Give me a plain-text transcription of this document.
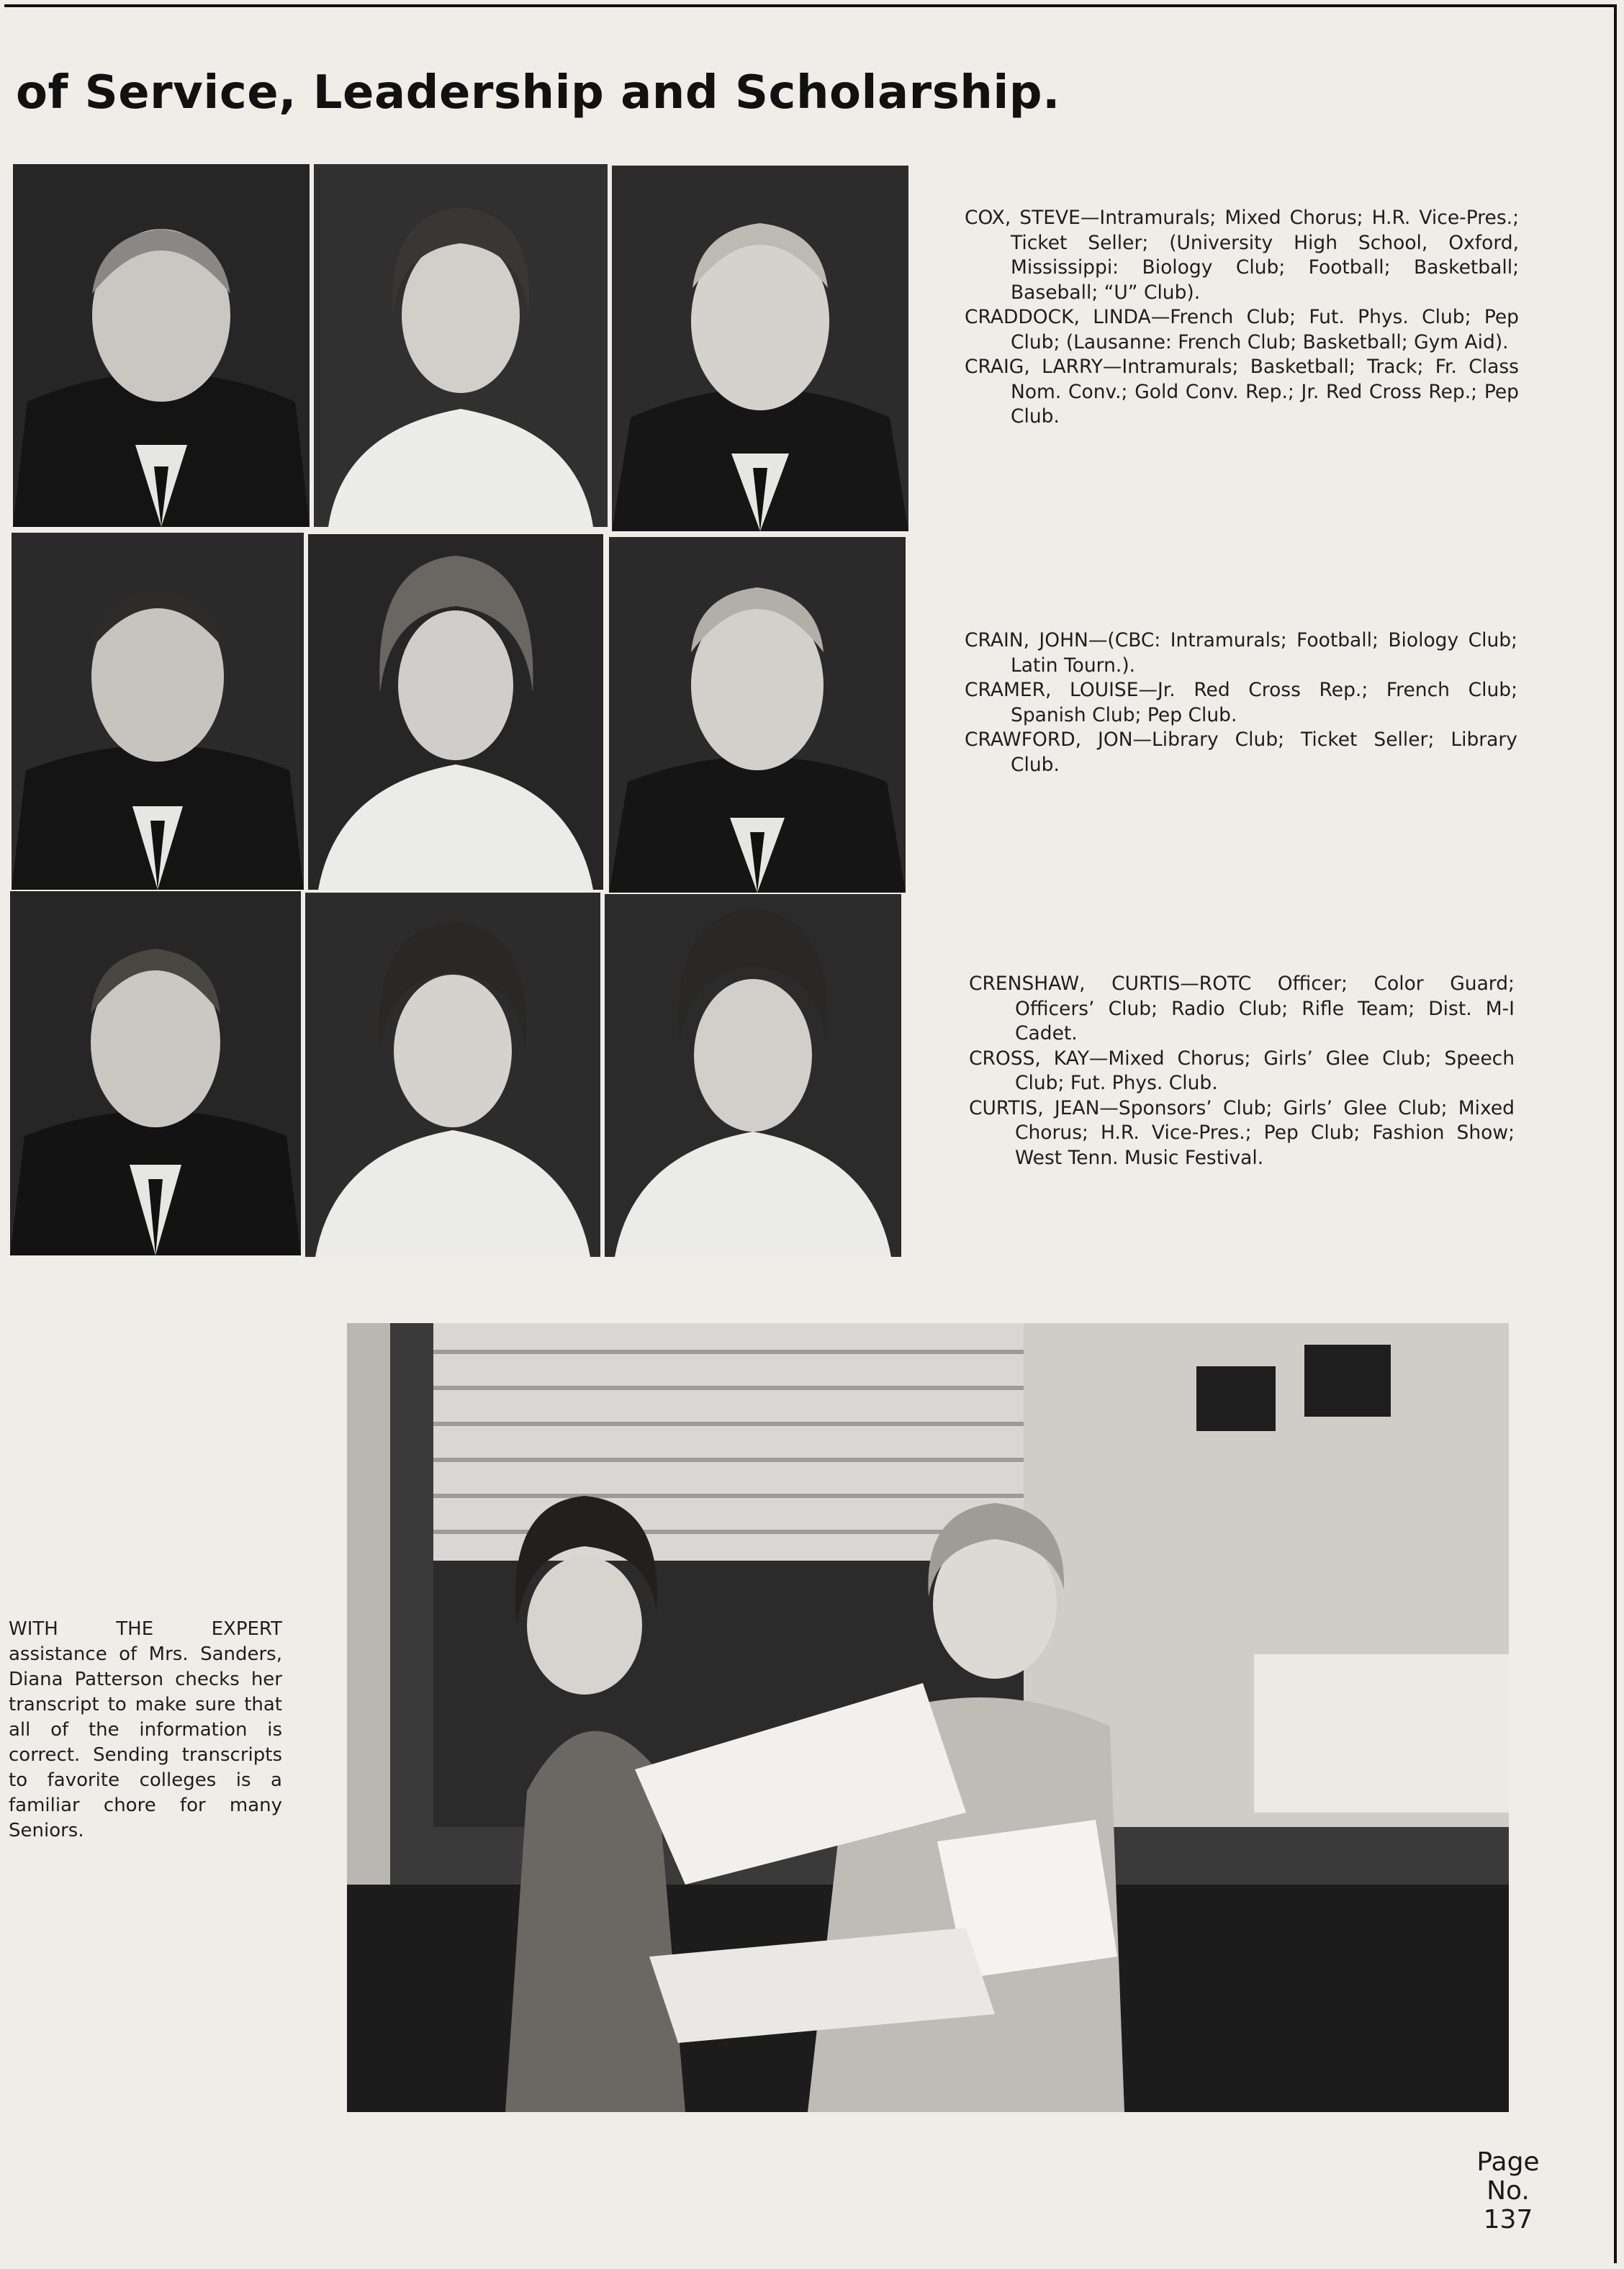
of Service, Leadership and Scholarship.

COX, STEVE—Intramurals; Mixed Chorus; H.R. Vice-Pres.; Ticket Seller; (University High School, Oxford, Mississippi: Biology Club; Football; Basketball; Baseball; “U” Club).

CRADDOCK, LINDA—French Club; Fut. Phys. Club; Pep Club; (Lausanne: French Club; Basketball; Gym Aid).

CRAIG, LARRY—Intramurals; Basketball; Track; Fr. Class Nom. Conv.; Gold Conv. Rep.; Jr. Red Cross Rep.; Pep Club.

CRAIN, JOHN—(CBC: Intramurals; Football; Biology Club; Latin Tourn.).

CRAMER, LOUISE—Jr. Red Cross Rep.; French Club; Spanish Club; Pep Club.

CRAWFORD, JON—Library Club; Ticket Seller; Library Club.

CRENSHAW, CURTIS—ROTC Officer; Color Guard; Officers’ Club; Radio Club; Rifle Team; Dist. M-I Cadet.

CROSS, KAY—Mixed Chorus; Girls’ Glee Club; Speech Club; Fut. Phys. Club.

CURTIS, JEAN—Sponsors’ Club; Girls’ Glee Club; Mixed Chorus; H.R. Vice-Pres.; Pep Club; Fashion Show; West Tenn. Music Festival.

WITH THE EXPERT assistance of Mrs. Sanders, Diana Patterson checks her transcript to make sure that all of the information is correct. Sending transcripts to favorite colleges is a familiar chore for many Seniors.
Page
No.
137
